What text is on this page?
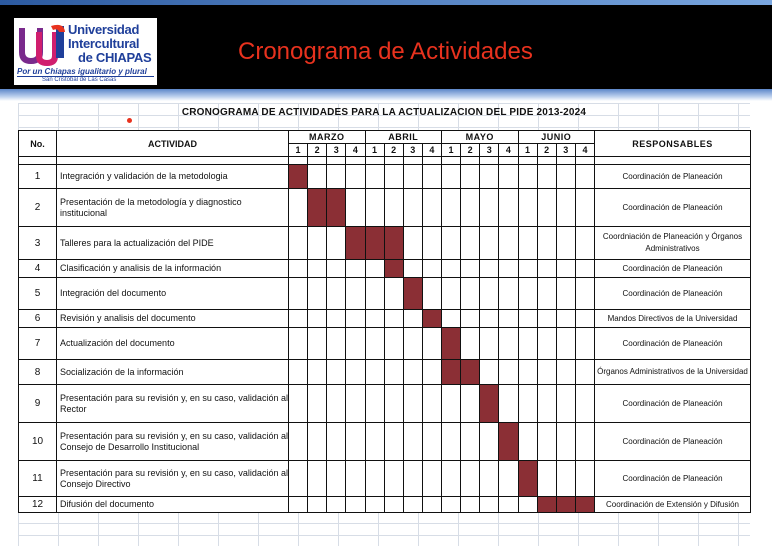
Universidad
Intercultural
de CHIAPAS
Por un Chiapas igualitario y plural
San Cristóbal de Las Casas
Cronograma de Actividades
CRONOGRAMA DE ACTIVIDADES PARA LA ACTUALIZACION DEL PIDE 2013-2024
No.	ACTIVIDAD	MARZO				ABRIL				MAYO				JUNIO				RESPONSABLES
		1	2	3	4	1	2	3	4	1	2	3	4	1	2	3	4	

1	Integración y validación de la metodologia																	Coordinación de Planeación
2	Presentación de la metodología y diagnostico institucional																	Coordinación de Planeación
3	Talleres para la actualización del PIDE																	Coordniación de Planeación y Órganos Administrativos
4	Clasificación y analisis de la información																	Coordinación de Planeación
5	Integración del documento																	Coordinación de Planeación
6	Revisión y analisis del documento																	Mandos Directivos de la Universidad
7	Actualización del documento																	Coordinación de Planeación
8	Socialización de la información																	Órganos Administrativos de la Universidad
9	Presentación para su revisión y, en su caso, validación al Rector																	Coordinación de Planeación
10	Presentación para su revisión y, en su caso, validación al Consejo de Desarrollo Institucional																	Coordinación de Planeación
11	Presentación para su revisión y, en su caso, validación al Consejo Directivo																	Coordinación de Planeación
12	Difusión del documento																	Coordinación de Extensión y Difusión
